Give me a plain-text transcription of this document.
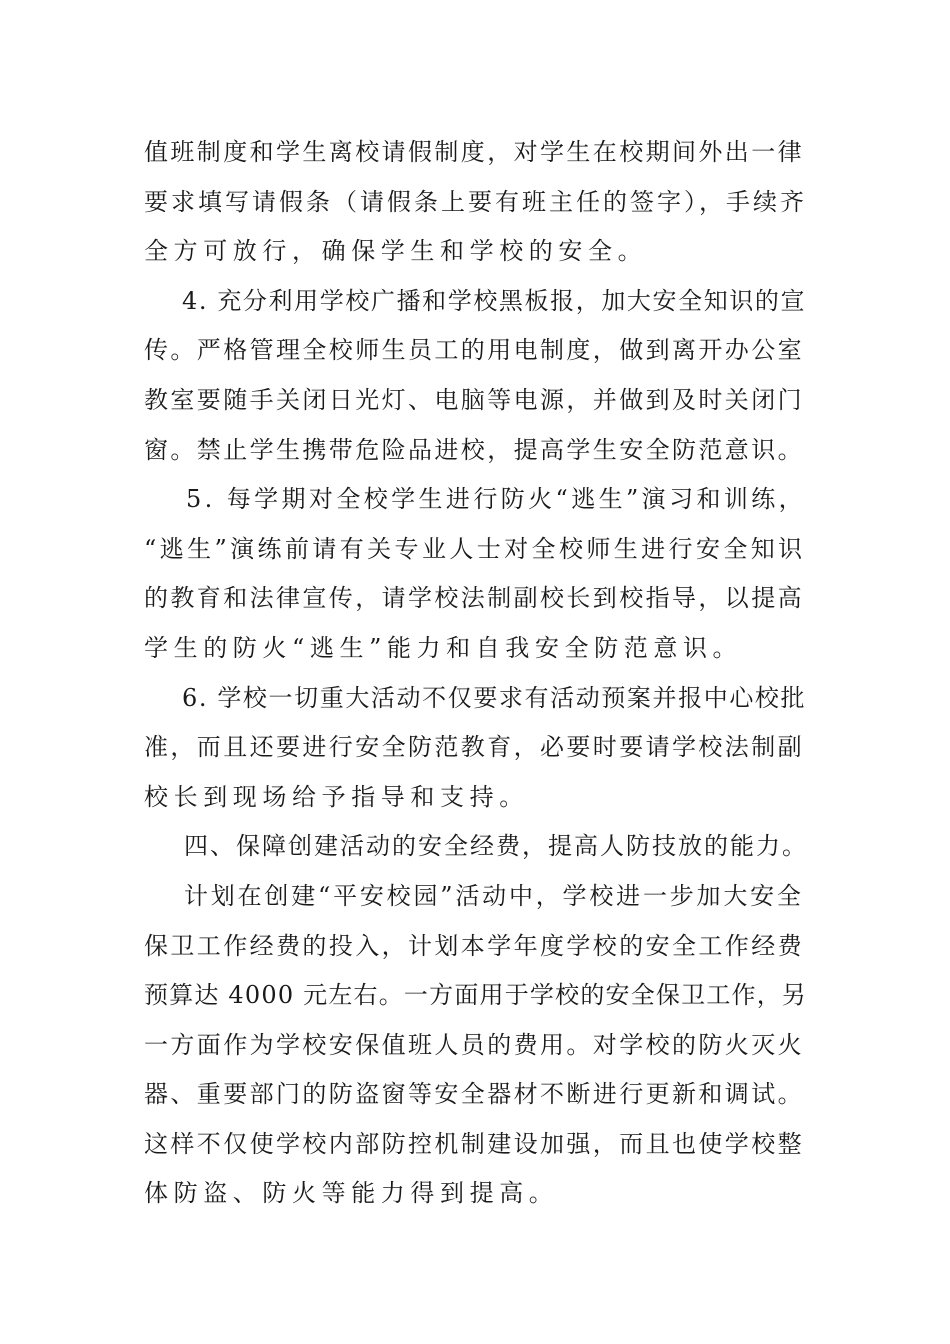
值班制度和学生离校请假制度，对学生在校期间外出一律
要求填写请假条（请假条上要有班主任的签字），手续齐
全方可放行，确保学生和学校的安全。
4. 充分利用学校广播和学校黑板报，加大安全知识的宣
传。严格管理全校师生员工的用电制度，做到离开办公室
教室要随手关闭日光灯、电脑等电源，并做到及时关闭门
窗。禁止学生携带危险品进校，提高学生安全防范意识。
5. 每学期对全校学生进行防火“逃生”演习和训练，
“逃生”演练前请有关专业人士对全校师生进行安全知识
的教育和法律宣传，请学校法制副校长到校指导，以提高
学生的防火“逃生”能力和自我安全防范意识。
6. 学校一切重大活动不仅要求有活动预案并报中心校批
准，而且还要进行安全防范教育，必要时要请学校法制副
校长到现场给予指导和支持。
四、保障创建活动的安全经费，提高人防技放的能力。
计划在创建“平安校园”活动中，学校进一步加大安全
保卫工作经费的投入，计划本学年度学校的安全工作经费
预算达 4000 元左右。一方面用于学校的安全保卫工作，另
一方面作为学校安保值班人员的费用。对学校的防火灭火
器、重要部门的防盗窗等安全器材不断进行更新和调试。
这样不仅使学校内部防控机制建设加强，而且也使学校整
体防盗、防火等能力得到提高。
